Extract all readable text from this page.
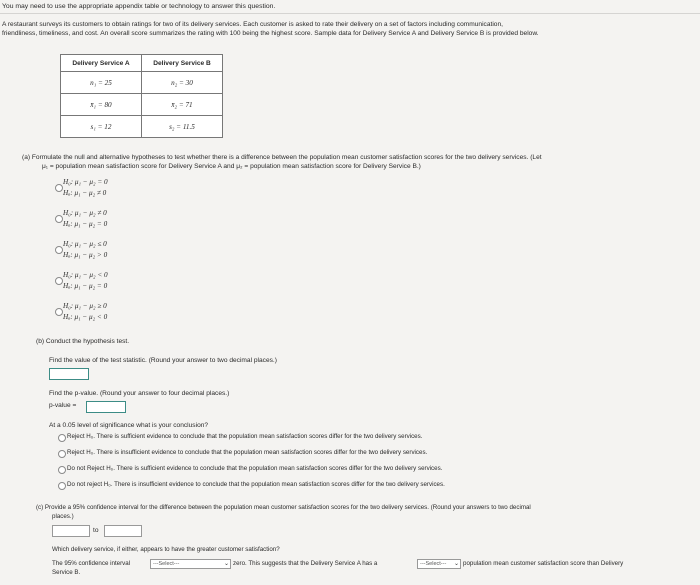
You may need to use the appropriate appendix table or technology to answer this question.
A restaurant surveys its customers to obtain ratings for two of its delivery services. Each customer is asked to rate their delivery on a set of factors including communication,
friendliness, timeliness, and cost. An overall score summarizes the rating with 100 being the highest score. Sample data for Delivery Service A and Delivery Service B is provided below.
Delivery Service A	Delivery Service B
n₁ = 25	n₂ = 30
x̄₁ = 80	x̄₂ = 71
s₁ = 12	s₂ = 11.5
(a) Formulate the null and alternative hypotheses to test whether there is a difference between the population mean customer satisfaction scores for the two delivery services. (Let
μ₁ = population mean satisfaction score for Delivery Service A and μ₂ = population mean satisfaction score for Delivery Service B.)
H₀: μ₁ − μ₂ = 0
Hₐ: μ₁ − μ₂ ≠ 0
H₀: μ₁ − μ₂ ≠ 0
Hₐ: μ₁ − μ₂ = 0
H₀: μ₁ − μ₂ ≤ 0
Hₐ: μ₁ − μ₂ > 0
H₀: μ₁ − μ₂ < 0
Hₐ: μ₁ − μ₂ = 0
H₀: μ₁ − μ₂ ≥ 0
Hₐ: μ₁ − μ₂ < 0
(b) Conduct the hypothesis test.
Find the value of the test statistic. (Round your answer to two decimal places.)
Find the p-value. (Round your answer to four decimal places.)
p-value =
At a 0.05 level of significance what is your conclusion?
Reject H₀. There is sufficient evidence to conclude that the population mean satisfaction scores differ for the two delivery services.
Reject H₀. There is insufficient evidence to conclude that the population mean satisfaction scores differ for the two delivery services.
Do not Reject H₀. There is sufficient evidence to conclude that the population mean satisfaction scores differ for the two delivery services.
Do not reject H₀. There is insufficient evidence to conclude that the population mean satisfaction scores differ for the two delivery services.
(c) Provide a 95% confidence interval for the difference between the population mean customer satisfaction scores for the two delivery services. (Round your answers to two decimal
places.)
to
Which delivery service, if either, appears to have the greater customer satisfaction?
The 95% confidence interval	---Select---	⌄ zero. This suggests that the Delivery Service A has a	---Select--- ⌄ population mean customer satisfaction score than Delivery
Service B.
